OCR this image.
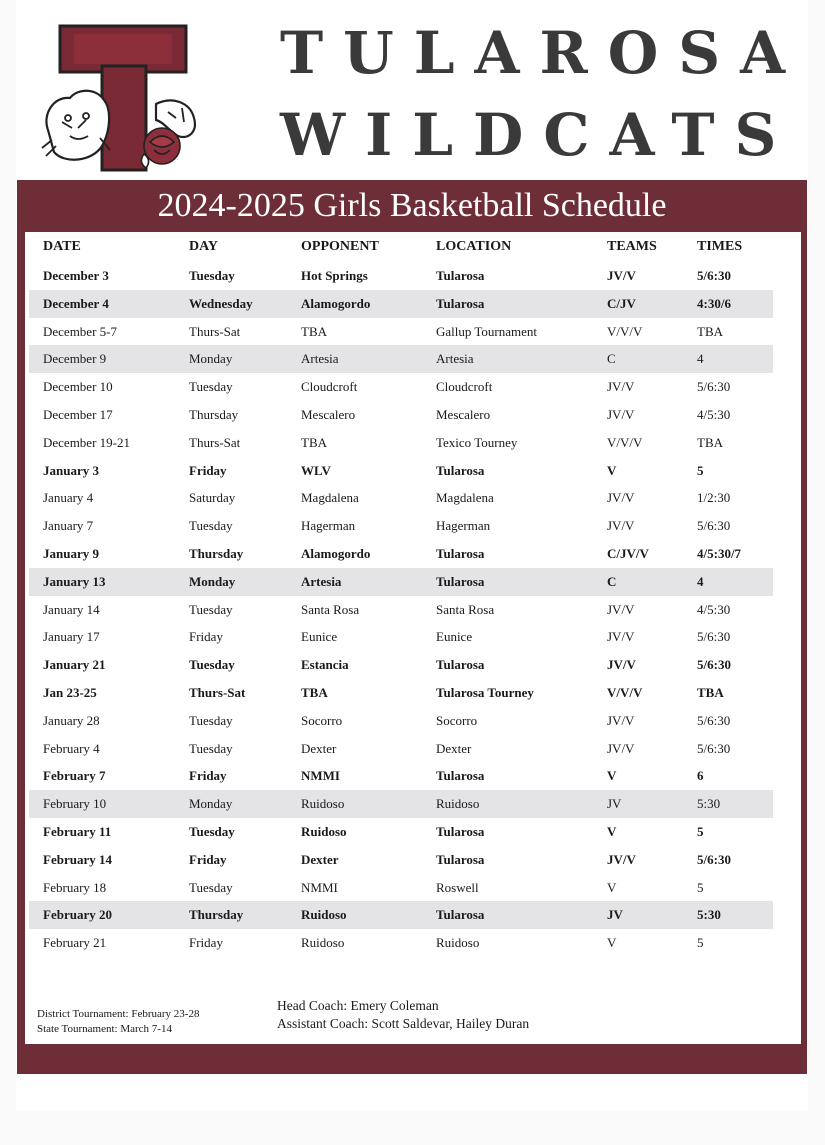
TULAROSA
WILDCATS
2024-2025 Girls Basketball Schedule
DATE	DAY	OPPONENT	LOCATION	TEAMS	TIMES
December 3	Tuesday	Hot Springs	Tularosa	JV/V	5/6:30
December 4	Wednesday	Alamogordo	Tularosa	C/JV	4:30/6
December 5-7	Thurs-Sat	TBA	Gallup Tournament	V/V/V	TBA
December 9	Monday	Artesia	Artesia	C	4
December 10	Tuesday	Cloudcroft	Cloudcroft	JV/V	5/6:30
December 17	Thursday	Mescalero	Mescalero	JV/V	4/5:30
December 19-21	Thurs-Sat	TBA	Texico Tourney	V/V/V	TBA
January 3	Friday	WLV	Tularosa	V	5
January 4	Saturday	Magdalena	Magdalena	JV/V	1/2:30
January 7	Tuesday	Hagerman	Hagerman	JV/V	5/6:30
January 9	Thursday	Alamogordo	Tularosa	C/JV/V	4/5:30/7
January 13	Monday	Artesia	Tularosa	C	4
January 14	Tuesday	Santa Rosa	Santa Rosa	JV/V	4/5:30
January 17	Friday	Eunice	Eunice	JV/V	5/6:30
January 21	Tuesday	Estancia	Tularosa	JV/V	5/6:30
Jan 23-25	Thurs-Sat	TBA	Tularosa Tourney	V/V/V	TBA
January 28	Tuesday	Socorro	Socorro	JV/V	5/6:30
February 4	Tuesday	Dexter	Dexter	JV/V	5/6:30
February 7	Friday	NMMI	Tularosa	V	6
February 10	Monday	Ruidoso	Ruidoso	JV	5:30
February 11	Tuesday	Ruidoso	Tularosa	V	5
February 14	Friday	Dexter	Tularosa	JV/V	5/6:30
February 18	Tuesday	NMMI	Roswell	V	5
February 20	Thursday	Ruidoso	Tularosa	JV	5:30
February 21	Friday	Ruidoso	Ruidoso	V	5
District Tournament: February 23-28
State Tournament: March 7-14
Head Coach: Emery Coleman
Assistant Coach: Scott Saldevar, Hailey Duran
